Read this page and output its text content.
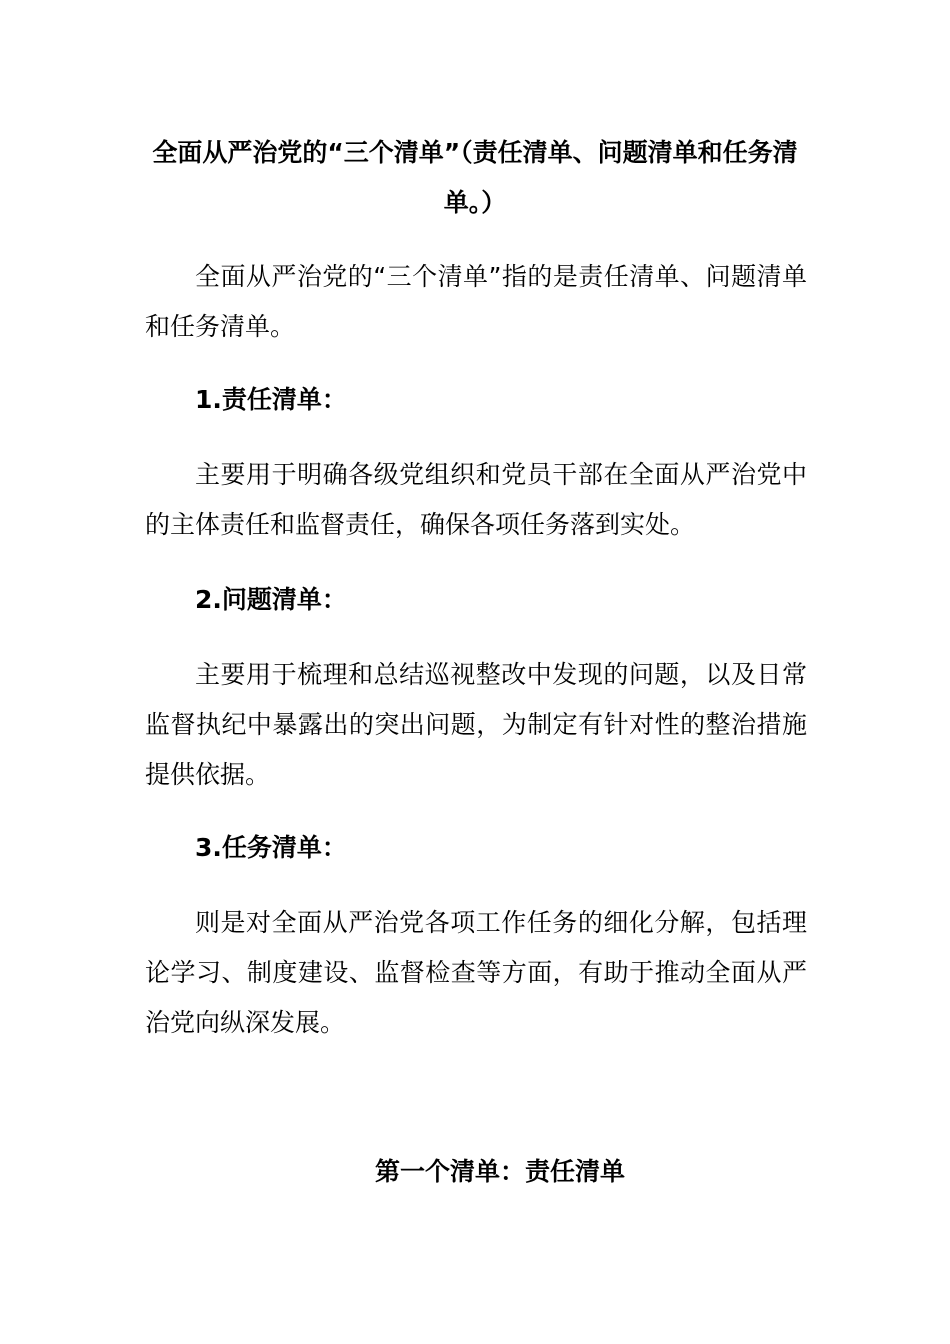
全面从严治党的“三个清单”（责任清单、问题清单和任务清单。）

全面从严治党的“三个清单”指的是责任清单、问题清单和任务清单。

1.责任清单：

主要用于明确各级党组织和党员干部在全面从严治党中的主体责任和监督责任，确保各项任务落到实处。

2.问题清单：

主要用于梳理和总结巡视整改中发现的问题，以及日常监督执纪中暴露出的突出问题，为制定有针对性的整治措施提供依据。

3.任务清单：

则是对全面从严治党各项工作任务的细化分解，包括理论学习、制度建设、监督检查等方面，有助于推动全面从严治党向纵深发展。

第一个清单：责任清单
